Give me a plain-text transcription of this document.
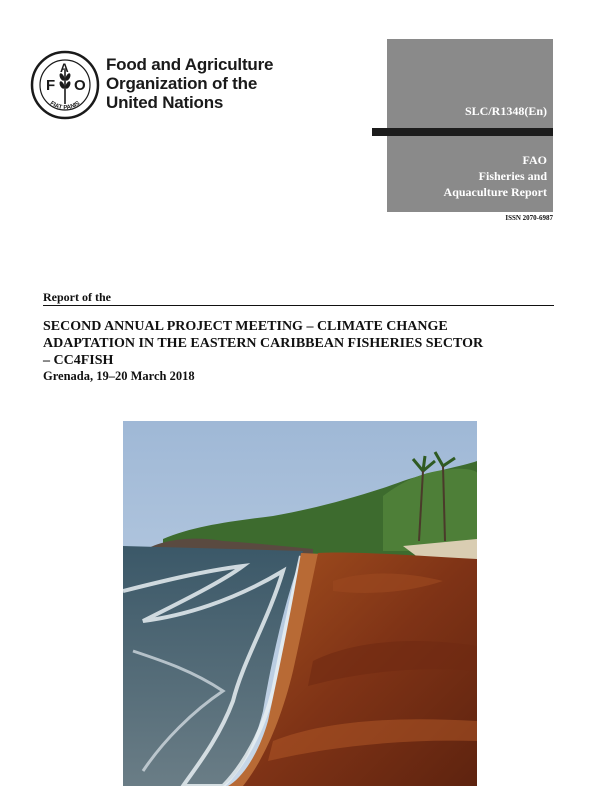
F
A
O
FIAT PANIS
Food and Agriculture
Organization of the
United Nations	SLC/R1348(En)
FAO
Fisheries and
Aquaculture Report
ISSN 2070-6987
Report of the
SECOND ANNUAL PROJECT MEETING – CLIMATE CHANGE
ADAPTATION IN THE EASTERN CARIBBEAN FISHERIES SECTOR
– CC4FISH
Grenada, 19–20 March 2018
